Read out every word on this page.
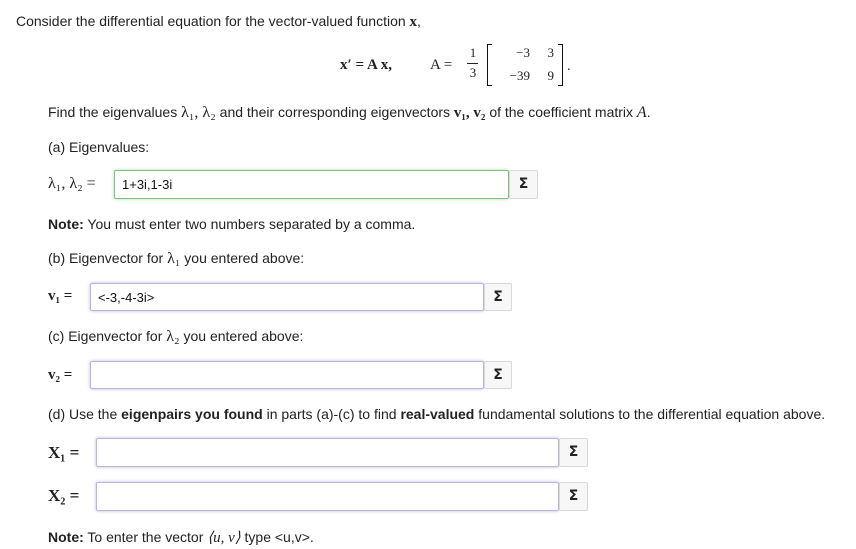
Consider the differential equation for the vector-valued function x,
x′ = A x,	A =
1
3
−3	3
−39	9
.
Find the eigenvalues λ₁, λ₂ and their corresponding eigenvectors v₁, v₂ of the coefficient matrix A.
(a) Eigenvalues:
λ₁, λ₂ =
1+3i,1-3i	Σ
Note: You must enter two numbers separated by a comma.
(b) Eigenvector for λ₁ you entered above:
v₁ =
<-3,-4-3i>	Σ
(c) Eigenvector for λ₂ you entered above:
v₂ =	Σ
(d) Use the eigenpairs you found in parts (a)-(c) to find real-valued fundamental solutions to the differential equation above.
X₁ =	Σ
X₂ =	Σ
Note: To enter the vector ⟨u, v⟩ type <u,v>.
